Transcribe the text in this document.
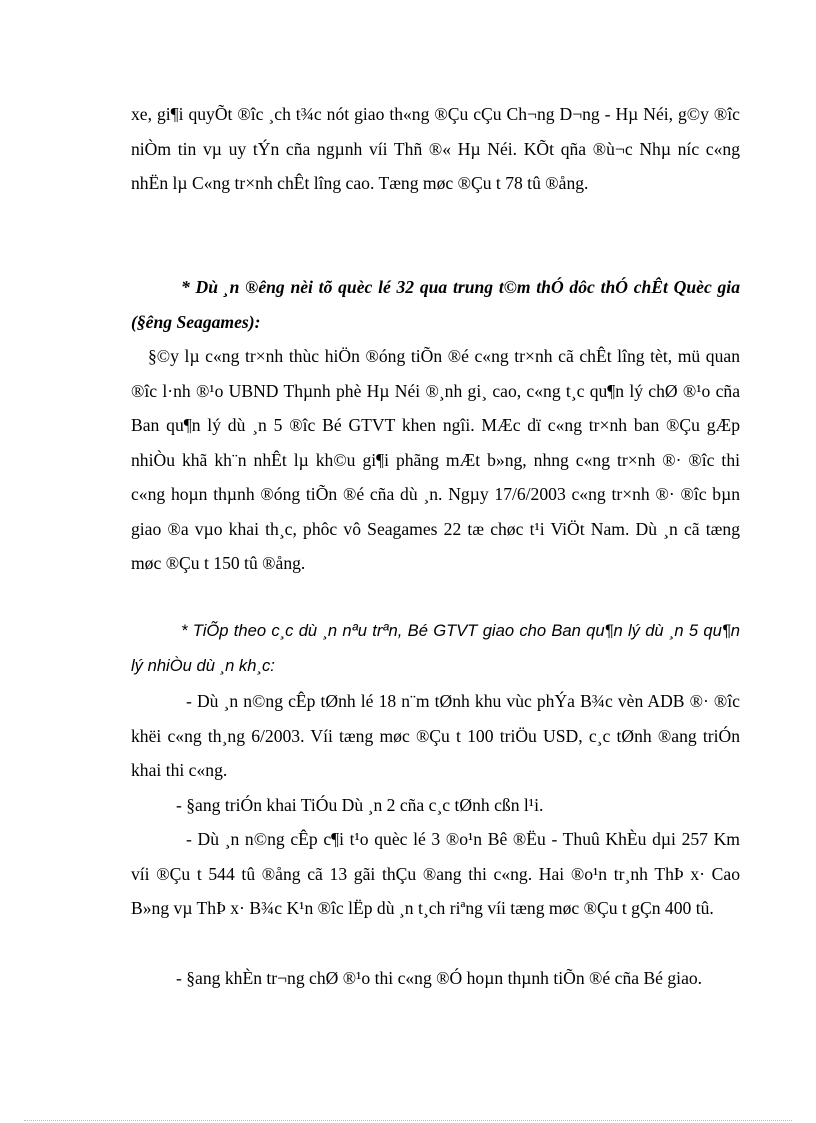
xe, gi¶i quyÕt ®îc ¸ch t¾c nót giao th«ng ®Çu cÇu Ch¬ng D¬ng - Hµ Néi, g©y ®îc niÒm tin vµ uy tÝn cña ngµnh víi Thñ ®« Hµ Néi. KÕt qña ®ù¬c Nhµ níc c«ng nhËn lµ C«ng tr×nh chÊt lîng cao. Tæng møc ®Çu t 78 tû ®ång.

* Dù ¸n ®êng nèi tõ quèc lé 32 qua trung t©m thÓ dôc thÓ chÊt Quèc gia (§êng Seagames):

§©y lµ c«ng tr×nh thùc hiÖn ®óng tiÕn ®é c«ng tr×nh cã chÊt lîng tèt, mü quan ®îc l·nh ®¹o UBND Thµnh phè Hµ Néi ®¸nh gi¸ cao, c«ng t¸c qu¶n lý chØ ®¹o cña Ban qu¶n lý dù ¸n 5 ®îc Bé GTVT khen ngîi. MÆc dï c«ng tr×nh ban ®Çu gÆp nhiÒu khã kh¨n nhÊt lµ kh©u gi¶i phãng mÆt b»ng, nhng c«ng tr×nh ®· ®îc thi c«ng hoµn thµnh ®óng tiÕn ®é cña dù ¸n. Ngµy 17/6/2003 c«ng tr×nh ®· ®îc bµn giao ®a vµo khai th¸c, phôc vô Seagames 22 tæ chøc t¹i ViÖt Nam. Dù ¸n cã tæng møc ®Çu t 150 tû ®ång.

* TiÕp theo c¸c dù ¸n nªu trªn, Bé GTVT giao cho Ban qu¶n lý dù ¸n 5 qu¶n lý nhiÒu dù ¸n kh¸c:

- Dù ¸n n©ng cÊp tØnh lé 18 n¨m tØnh khu vùc phÝa B¾c vèn ADB ®· ®îc khëi c«ng th¸ng 6/2003. Víi tæng møc ®Çu t 100 triÖu USD, c¸c tØnh ®ang triÓn khai thi c«ng.

- §ang triÓn khai TiÓu Dù ¸n 2 cña c¸c tØnh cßn l¹i.

- Dù ¸n n©ng cÊp c¶i t¹o quèc lé 3 ®o¹n Bê ®Ëu - Thuû KhÈu dµi 257 Km víi ®Çu t 544 tû ®ång cã 13 gãi thÇu ®ang thi c«ng. Hai ®o¹n tr¸nh ThÞ x· Cao B»ng vµ ThÞ x· B¾c K¹n ®îc lËp dù ¸n t¸ch riªng víi tæng møc ®Çu t gÇn 400 tû.

- §ang khÈn tr¬ng chØ ®¹o thi c«ng ®Ó hoµn thµnh tiÕn ®é cña Bé giao.
